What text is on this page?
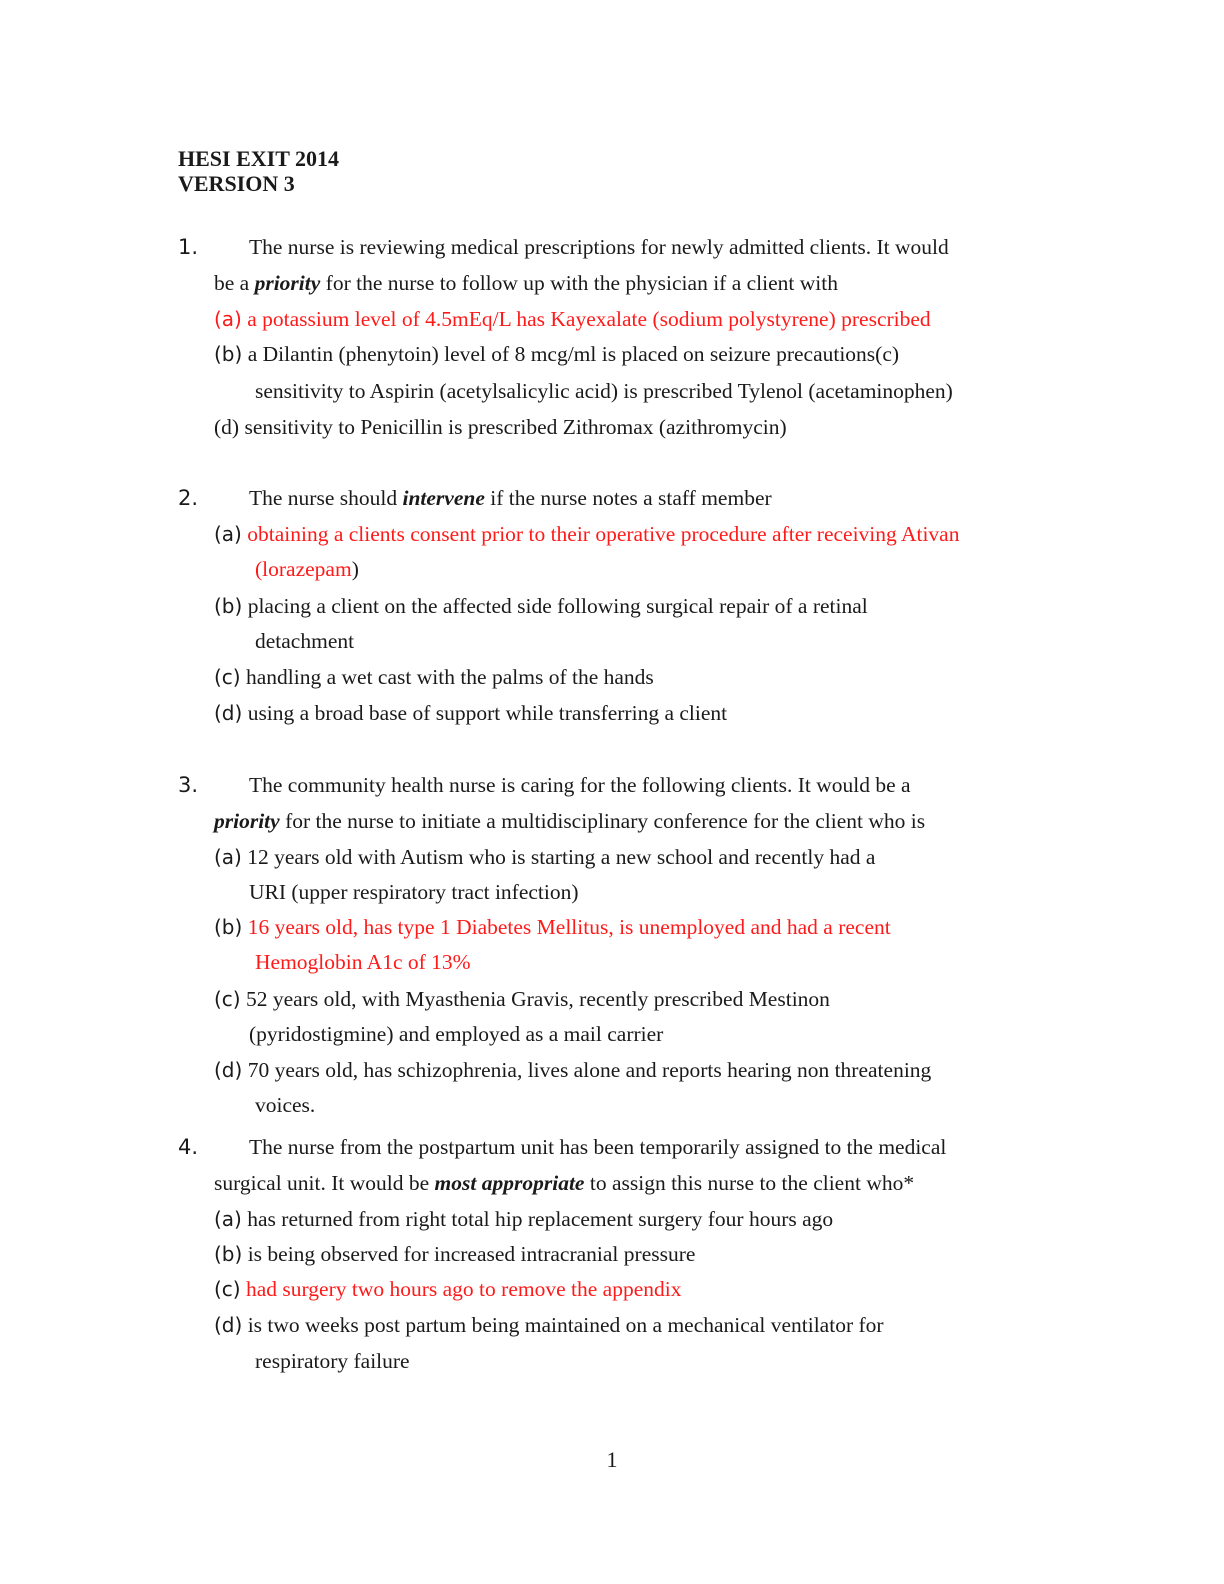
HESI EXIT 2014
VERSION 3
1. The nurse is reviewing medical prescriptions for newly admitted clients. It would
be a priority for the nurse to follow up with the physician if a client with
(a) a potassium level of 4.5mEq/L has Kayexalate (sodium polystyrene) prescribed
(b) a Dilantin (phenytoin) level of 8 mcg/ml is placed on seizure precautions(c)
sensitivity to Aspirin (acetylsalicylic acid) is prescribed Tylenol (acetaminophen)
(d) sensitivity to Penicillin is prescribed Zithromax (azithromycin)
2. The nurse should intervene if the nurse notes a staff member
(a) obtaining a clients consent prior to their operative procedure after receiving Ativan
(lorazepam)
(b) placing a client on the affected side following surgical repair of a retinal
detachment
(c) handling a wet cast with the palms of the hands
(d) using a broad base of support while transferring a client
3. The community health nurse is caring for the following clients. It would be a
priority for the nurse to initiate a multidisciplinary conference for the client who is
(a) 12 years old with Autism who is starting a new school and recently had a
URI (upper respiratory tract infection)
(b) 16 years old, has type 1 Diabetes Mellitus, is unemployed and had a recent
Hemoglobin A1c of 13%
(c) 52 years old, with Myasthenia Gravis, recently prescribed Mestinon
(pyridostigmine) and employed as a mail carrier
(d) 70 years old, has schizophrenia, lives alone and reports hearing non threatening
voices.
4. The nurse from the postpartum unit has been temporarily assigned to the medical
surgical unit. It would be most appropriate to assign this nurse to the client who*
(a) has returned from right total hip replacement surgery four hours ago
(b) is being observed for increased intracranial pressure
(c) had surgery two hours ago to remove the appendix
(d) is two weeks post partum being maintained on a mechanical ventilator for
respiratory failure
1
